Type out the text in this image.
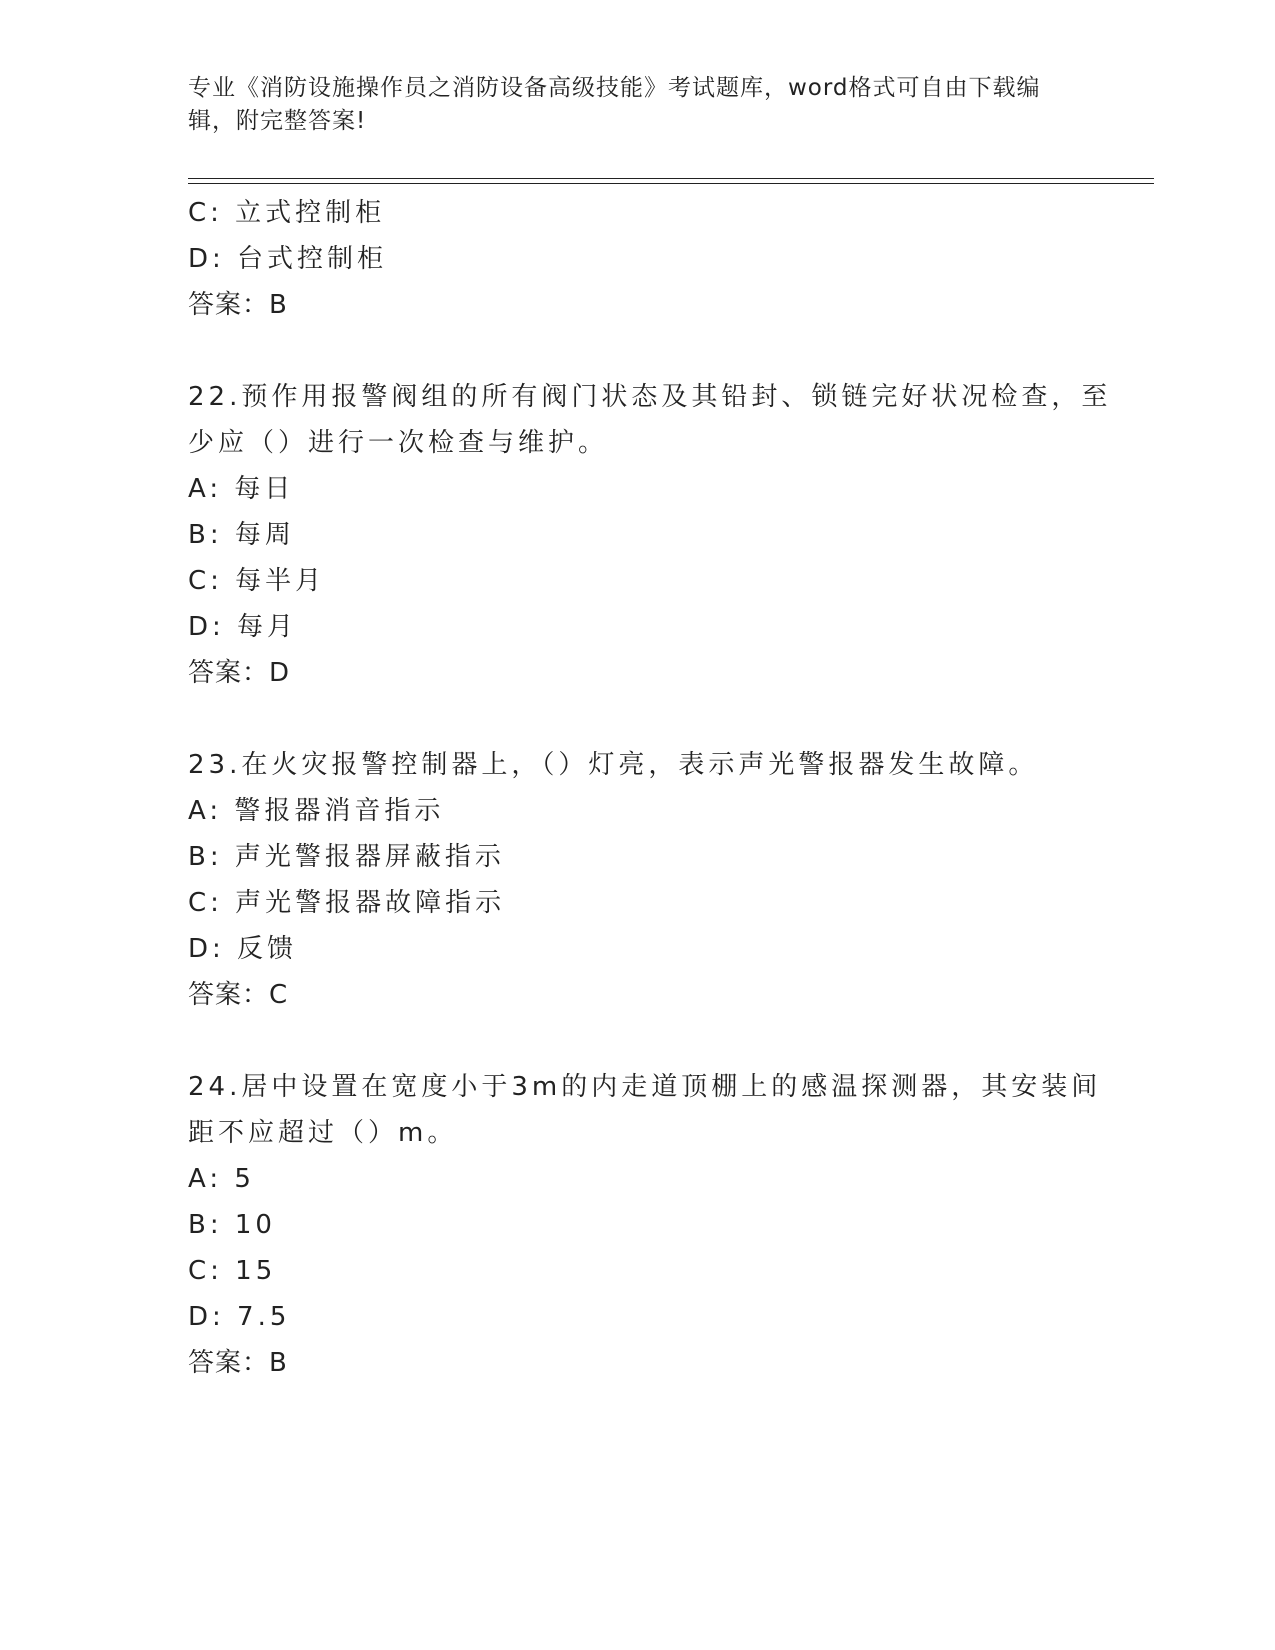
专业《消防设施操作员之消防设备高级技能》考试题库，word格式可自由下载编
辑，附完整答案!
C: 立式控制柜
D: 台式控制柜
答案：B
22.预作用报警阀组的所有阀门状态及其铅封、锁链完好状况检查，至
少应（）进行一次检查与维护。
A: 每日
B: 每周
C: 每半月
D: 每月
答案：D
23.在火灾报警控制器上，（）灯亮，表示声光警报器发生故障。
A: 警报器消音指示
B: 声光警报器屏蔽指示
C: 声光警报器故障指示
D: 反馈
答案：C
24.居中设置在宽度小于3m的内走道顶棚上的感温探测器，其安装间
距不应超过（）m。
A: 5
B: 10
C: 15
D: 7.5
答案：B
